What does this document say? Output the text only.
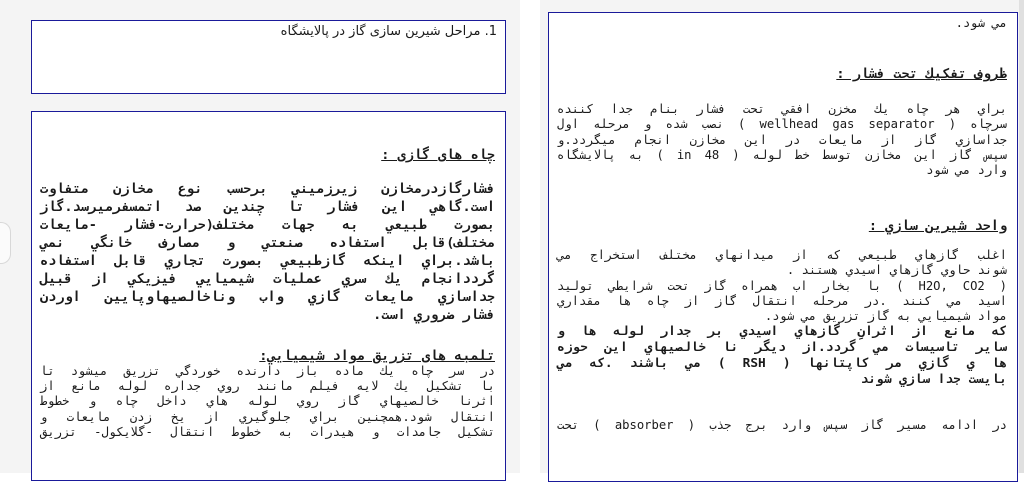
1. مراحل شيرين سازی گاز در پالايشگاه
چاه های گازی :
فشارگازدرمخازن زيرزميني برحسب نوع مخازن متفاوت
است.گاهي اين فشار تا چندين صد اتمسفرميرسد.گاز
بصورت طبيعي به جهات مختلف(حرارت-فشار -مايعات
مختلف)قابل استفاده صنعتي و مصارف خانگي نمي
باشد.براي اينكه گازطبيعي بصورت تجاري قابل استفاده
گرددانجام يك سري عمليات شيميايي فيزيكي از قبيل
جداسازي مايعات گازي واب وناخالصيهاوپايين اوردن
فشار ضروري است.
تلمبه های تزريق مواد شيميايي:
در سر چاه يك ماده باز دارنده خوردگي تزريق ميشود تا
با تشكيل يك لايه فيلم مانند روي جداره لوله مانع از
اثرنا خالصيهاي گاز روي لوله هاي داخل چاه و خطوط
انتقال شود.همچنين براي جلوگيري از يخ زدن مايعات و
تشكيل جامدات و هيدرات به خطوط انتقال -گلايكول- تزريق
مي شود.
ظروف تفكيك تحت فشار :
براي هر چاه يك مخزن افقي تحت فشار بنام جدا كننده
سرچاه ( wellhead gas separator ) نصب شده و مرحله اول
جداسازي گاز از مايعات در اين مخازن انجام ميگردد.و
سپس گاز اين مخازن توسط خط لوله ( 48 in ) به پالايشگاه
وارد مي شود
واحد شيرين سازي :
اغلب گازهاي طبيعي كه از ميدانهاي مختلف استخراج مي
شوند حاوي گازهاي اسيدي هستند .
( H2O, CO2 ) با بخار اب همراه گاز تحت شرايطي توليد
اسيد مي كنند .در مرحله انتقال گاز از چاه ها مقداري
مواد شيميايي به گاز تزريق مي شود.
كه مانع از اثرانِ گازهاي اسيدي بر جدار لوله ها و
ساير تاسيسات مي گردد.از ديگر نا خالصيهاي اين حوزه
ها ي گازي مر كاپتانها ( RSH ) مي باشند .كه مي
بايست جدا سازي شوند
در ادامه مسير گاز سپس وارد برج جذب ( absorber ) تحت
